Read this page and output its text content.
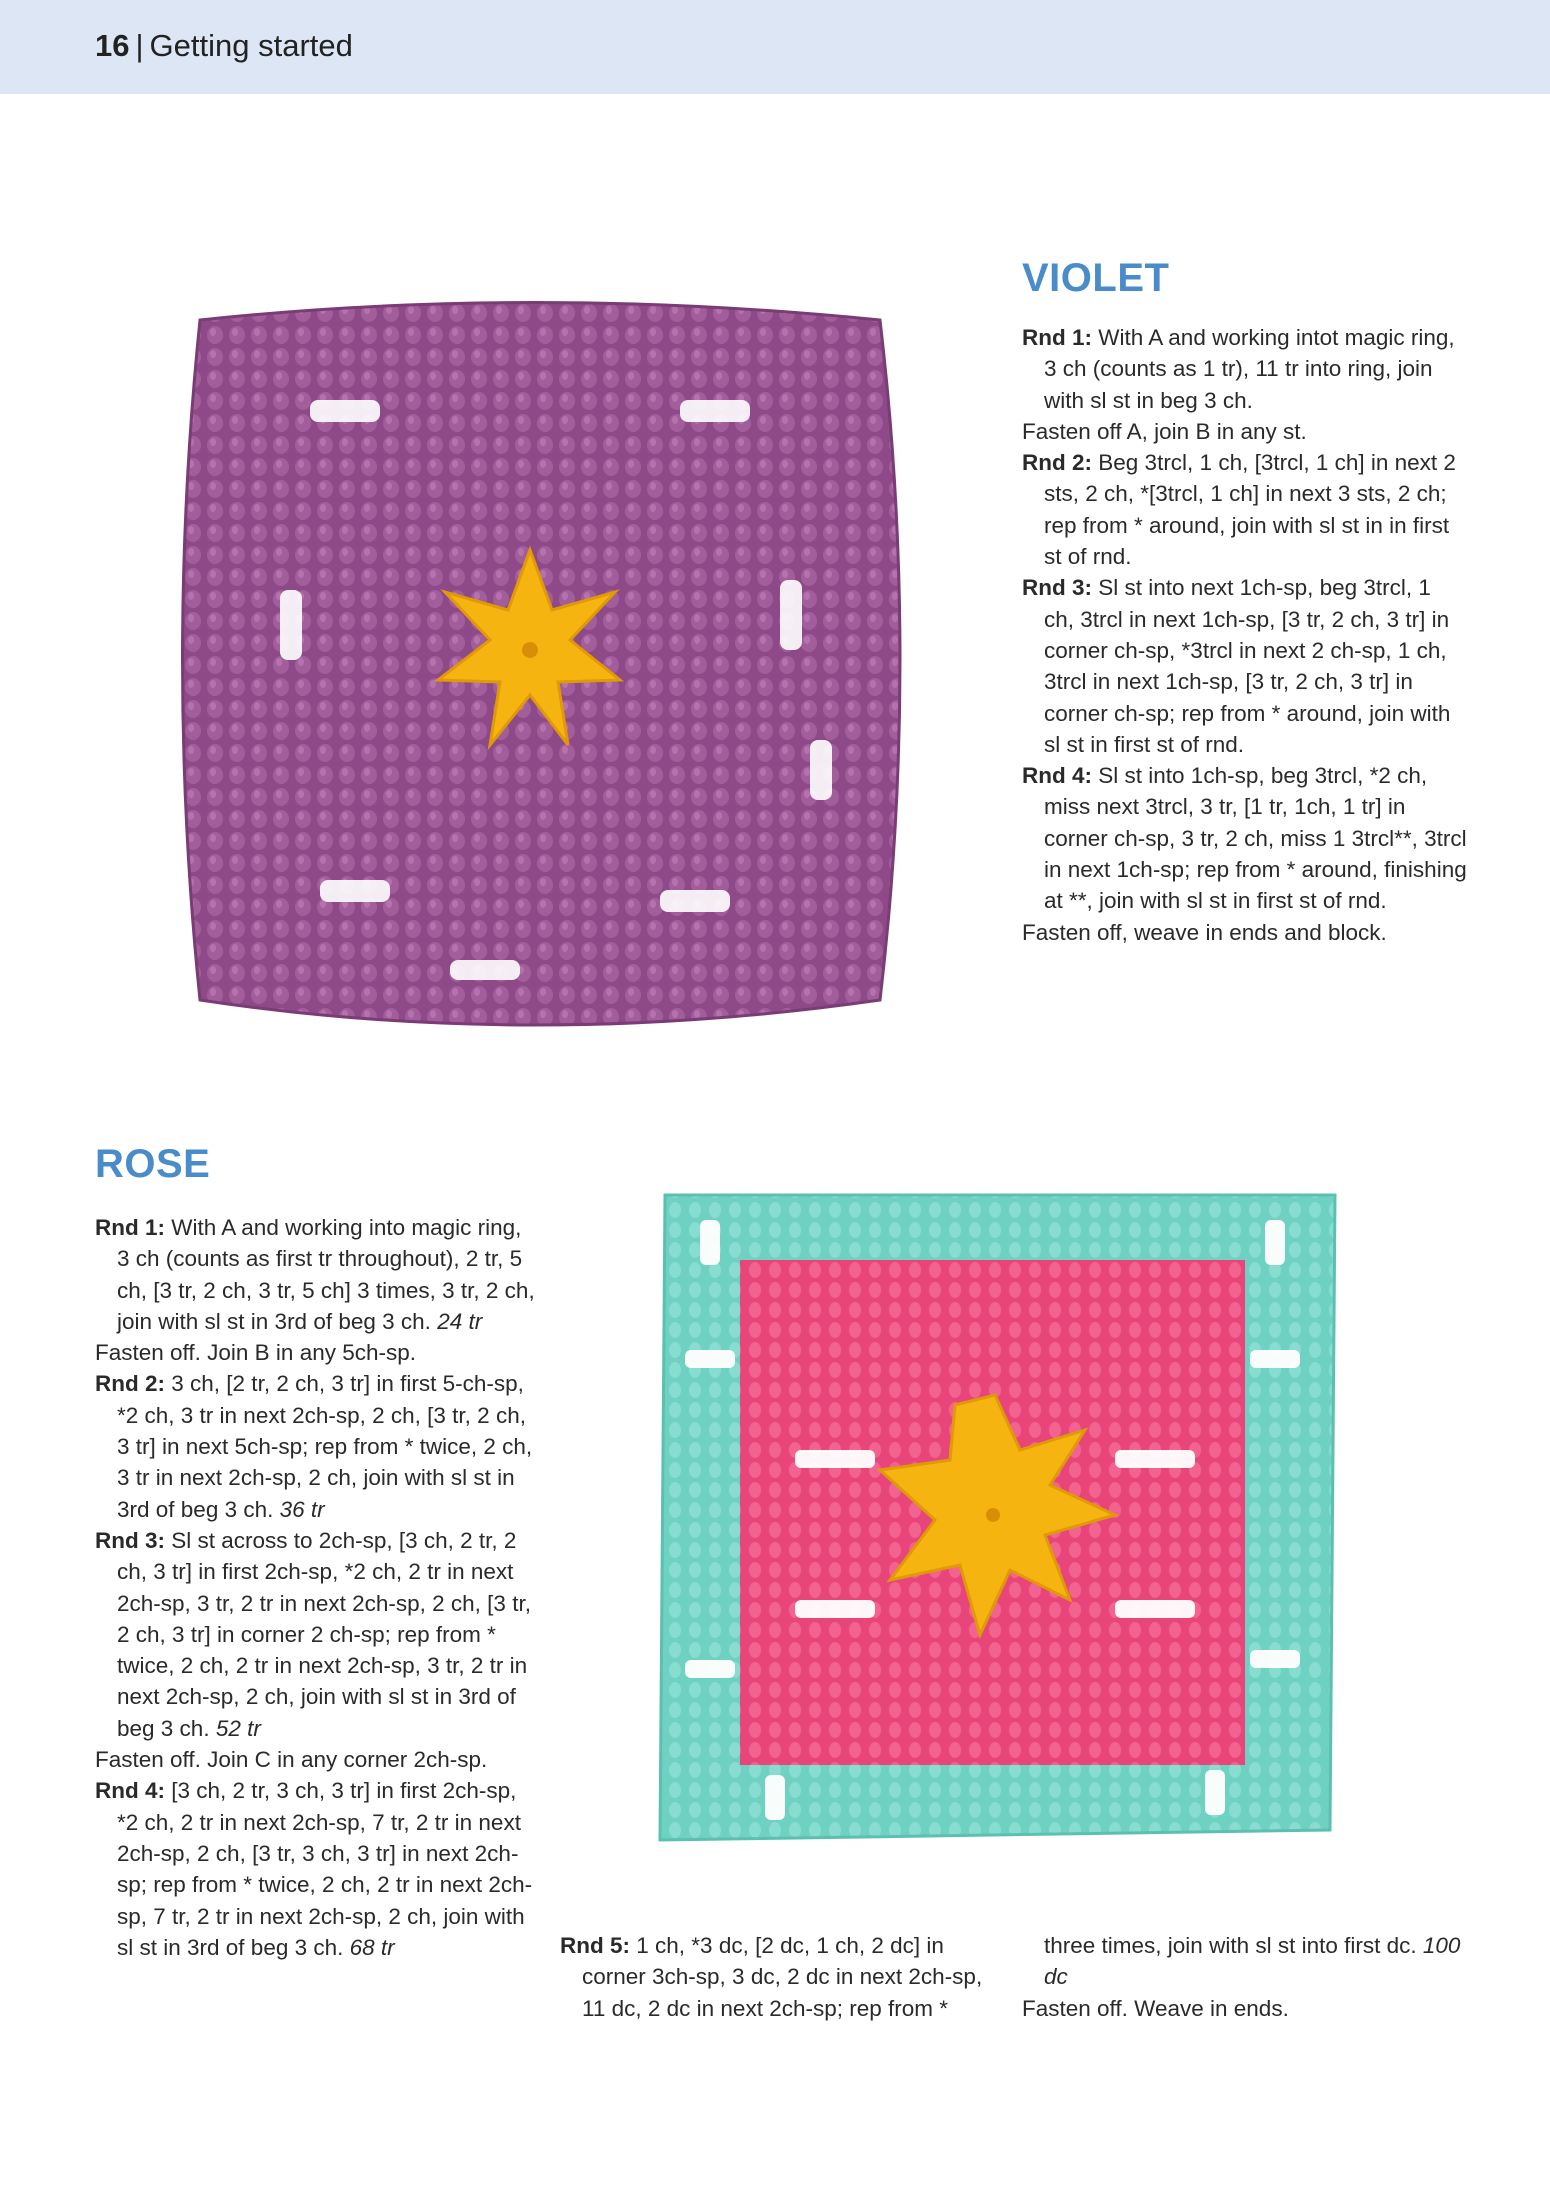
16 | Getting started
VIOLET
Rnd 1: With A and working intot magic ring, 3 ch (counts as 1 tr), 11 tr into ring, join with sl st in beg 3 ch.
Fasten off A, join B in any st.
Rnd 2: Beg 3trcl, 1 ch, [3trcl, 1 ch] in next 2 sts, 2 ch, *[3trcl, 1 ch] in next 3 sts, 2 ch; rep from * around, join with sl st in in first st of rnd.
Rnd 3: Sl st into next 1ch-sp, beg 3trcl, 1 ch, 3trcl in next 1ch-sp, [3 tr, 2 ch, 3 tr] in corner ch-sp, *3trcl in next 2 ch-sp, 1 ch, 3trcl in next 1ch-sp, [3 tr, 2 ch, 3 tr] in corner ch-sp; rep from * around, join with sl st in first st of rnd.
Rnd 4: Sl st into 1ch-sp, beg 3trcl, *2 ch, miss next 3trcl, 3 tr, [1 tr, 1ch, 1 tr] in corner ch-sp, 3 tr, 2 ch, miss 1 3trcl**, 3trcl in next 1ch-sp; rep from * around, finishing at **, join with sl st in first st of rnd.
Fasten off, weave in ends and block.
ROSE
Rnd 1: With A and working into magic ring, 3 ch (counts as first tr throughout), 2 tr, 5 ch, [3 tr, 2 ch, 3 tr, 5 ch] 3 times, 3 tr, 2 ch, join with sl st in 3rd of beg 3 ch. 24 tr
Fasten off. Join B in any 5ch-sp.
Rnd 2: 3 ch, [2 tr, 2 ch, 3 tr] in first 5-ch-sp, *2 ch, 3 tr in next 2ch-sp, 2 ch, [3 tr, 2 ch, 3 tr] in next 5ch-sp; rep from * twice, 2 ch, 3 tr in next 2ch-sp, 2 ch, join with sl st in 3rd of beg 3 ch. 36 tr
Rnd 3: Sl st across to 2ch-sp, [3 ch, 2 tr, 2 ch, 3 tr] in first 2ch-sp, *2 ch, 2 tr in next 2ch-sp, 3 tr, 2 tr in next 2ch-sp, 2 ch, [3 tr, 2 ch, 3 tr] in corner 2 ch-sp; rep from * twice, 2 ch, 2 tr in next 2ch-sp, 3 tr, 2 tr in next 2ch-sp, 2 ch, join with sl st in 3rd of beg 3 ch. 52 tr
Fasten off. Join C in any corner 2ch-sp.
Rnd 4: [3 ch, 2 tr, 3 ch, 3 tr] in first 2ch-sp, *2 ch, 2 tr in next 2ch-sp, 7 tr, 2 tr in next 2ch-sp, 2 ch, [3 tr, 3 ch, 3 tr] in next 2ch-sp; rep from * twice, 2 ch, 2 tr in next 2ch-sp, 7 tr, 2 tr in next 2ch-sp, 2 ch, join with sl st in 3rd of beg 3 ch. 68 tr	Rnd 5: 1 ch, *3 dc, [2 dc, 1 ch, 2 dc] in corner 3ch-sp, 3 dc, 2 dc in next 2ch-sp, 11 dc, 2 dc in next 2ch-sp; rep from *
three times, join with sl st into first dc. 100 dc
Fasten off. Weave in ends.
